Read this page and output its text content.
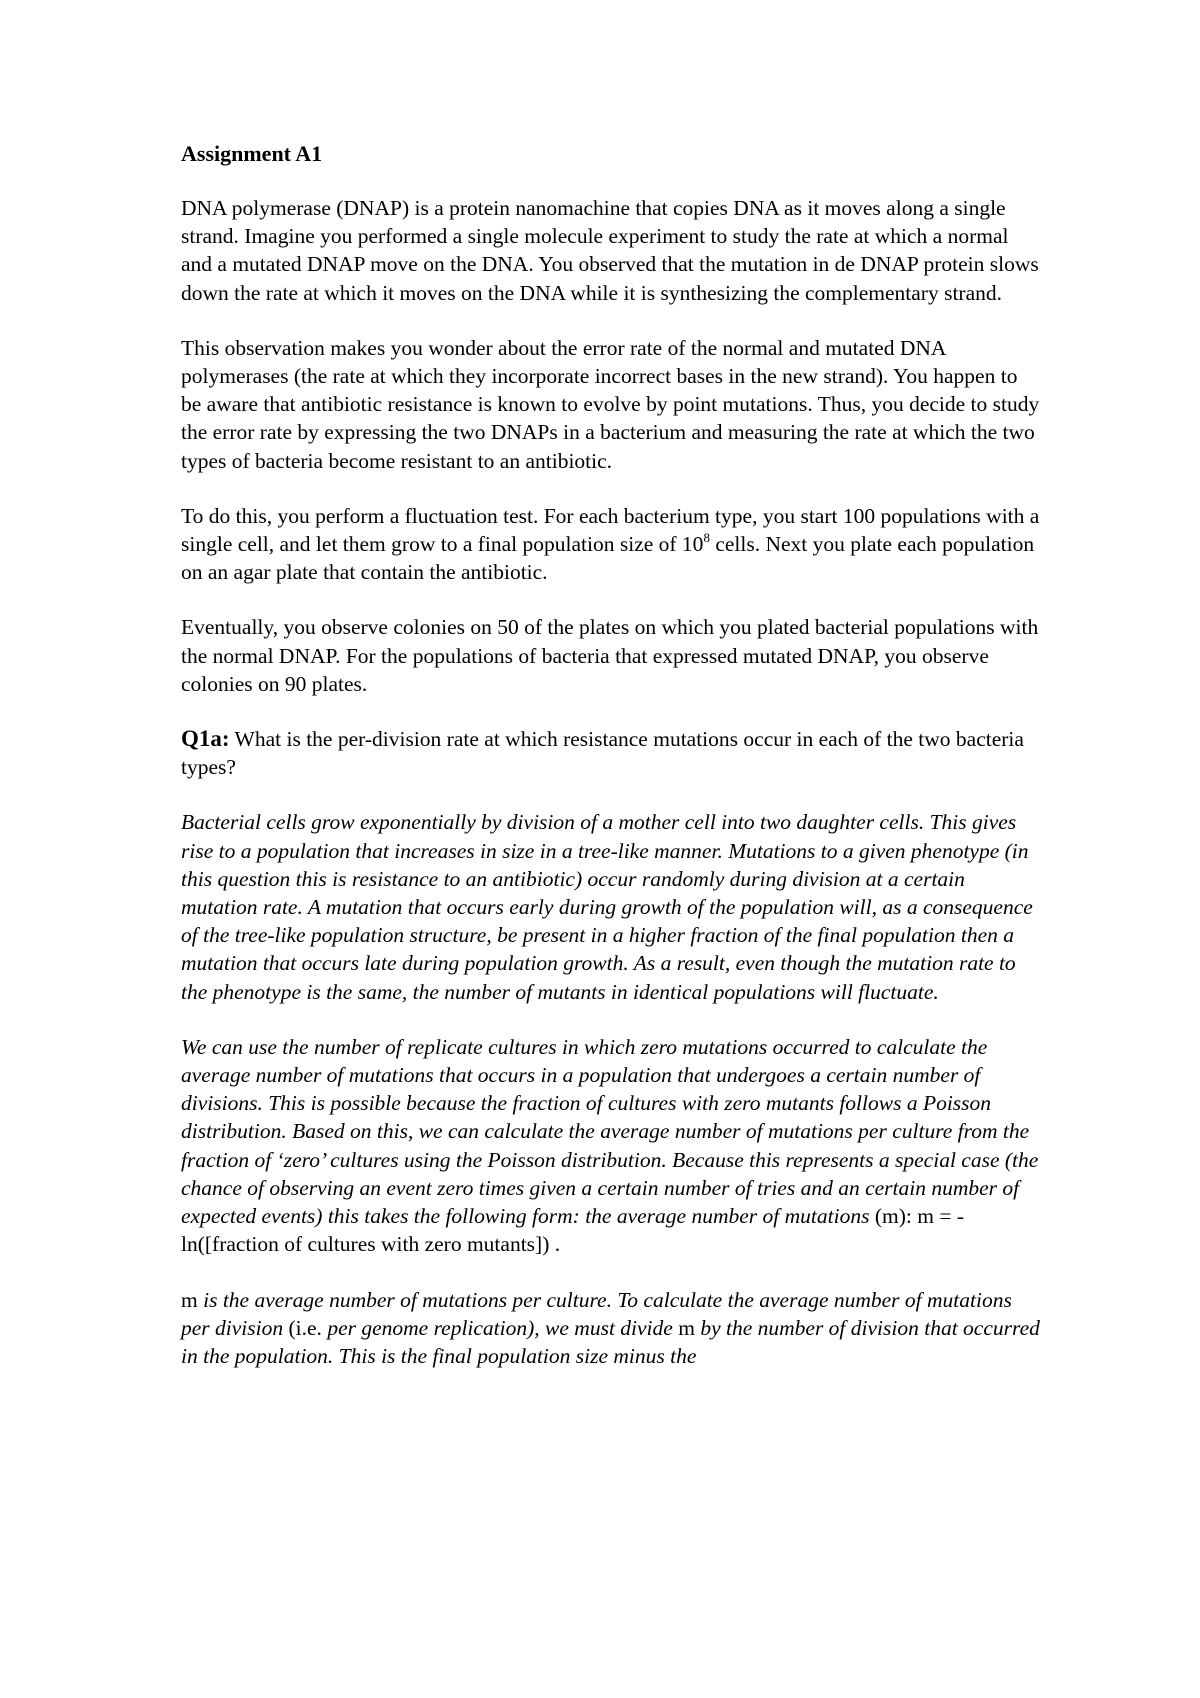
Assignment A1

DNA polymerase (DNAP) is a protein nanomachine that copies DNA as it moves along a single strand. Imagine you performed a single molecule experiment to study the rate at which a normal and a mutated DNAP move on the DNA. You observed that the mutation in de DNAP protein slows down the rate at which it moves on the DNA while it is synthesizing the complementary strand.

This observation makes you wonder about the error rate of the normal and mutated DNA polymerases (the rate at which they incorporate incorrect bases in the new strand). You happen to be aware that antibiotic resistance is known to evolve by point mutations. Thus, you decide to study the error rate by expressing the two DNAPs in a bacterium and measuring the rate at which the two types of bacteria become resistant to an antibiotic.

To do this, you perform a fluctuation test. For each bacterium type, you start 100 populations with a single cell, and let them grow to a final population size of $10^8$ cells. Next you plate each population on an agar plate that contain the antibiotic.

Eventually, you observe colonies on 50 of the plates on which you plated bacterial populations with the normal DNAP. For the populations of bacteria that expressed mutated DNAP, you observe colonies on 90 plates.

Q1a: What is the per-division rate at which resistance mutations occur in each of the two bacteria types?

Bacterial cells grow exponentially by division of a mother cell into two daughter cells. This gives rise to a population that increases in size in a tree-like manner. Mutations to a given phenotype (in this question this is resistance to an antibiotic) occur randomly during division at a certain mutation rate. A mutation that occurs early during growth of the population will, as a consequence of the tree-like population structure, be present in a higher fraction of the final population then a mutation that occurs late during population growth. As a result, even though the mutation rate to the phenotype is the same, the number of mutants in identical populations will fluctuate.

We can use the number of replicate cultures in which zero mutations occurred to calculate the average number of mutations that occurs in a population that undergoes a certain number of divisions. This is possible because the fraction of cultures with zero mutants follows a Poisson distribution. Based on this, we can calculate the average number of mutations per culture from the fraction of ‘zero’ cultures using the Poisson distribution. Because this represents a special case (the chance of observing an event zero times given a certain number of tries and an certain number of expected events) this takes the following form: the average number of mutations (m): m = -ln([fraction of cultures with zero mutants]) .

m is the average number of mutations per culture. To calculate the average number of mutations per division (i.e. per genome replication), we must divide m by the number of division that occurred in the population. This is the final population size minus the
